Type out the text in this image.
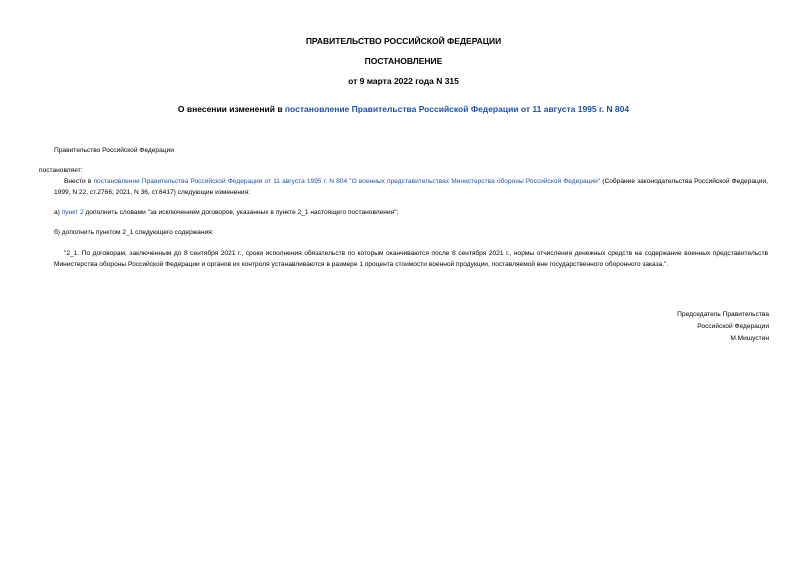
ПРАВИТЕЛЬСТВО РОССИЙСКОЙ ФЕДЕРАЦИИ
ПОСТАНОВЛЕНИЕ
от 9 марта 2022 года N 315
О внесении изменений в постановление Правительства Российской Федерации от 11 августа 1995 г. N 804
Правительство Российской Федерации
постановляет:
Внести в постановление Правительства Российской Федерации от 11 августа 1995 г. N 804 "О военных представительствах Министерства обороны Российской Федерации" (Собрание законодательства Российской Федерации, 1999, N 22, ст.2766; 2021, N 36, ст.6417) следующие изменения:
а) пункт 2 дополнить словами "за исключением договоров, указанных в пункте 2_1 настоящего постановления";
б) дополнить пунктом 2_1 следующего содержания:
"2_1. По договорам, заключенным до 8 сентября 2021 г., сроки исполнения обязательств по которым оканчиваются после 8 сентября 2021 г., нормы отчисления денежных средств на содержание военных представительств Министерства обороны Российской Федерации и органов их контроля устанавливаются в размере 1 процента стоимости военной продукции, поставляемой вне государственного оборонного заказа.".
Председатель Правительства
Российской Федерации
М.Мишустин
